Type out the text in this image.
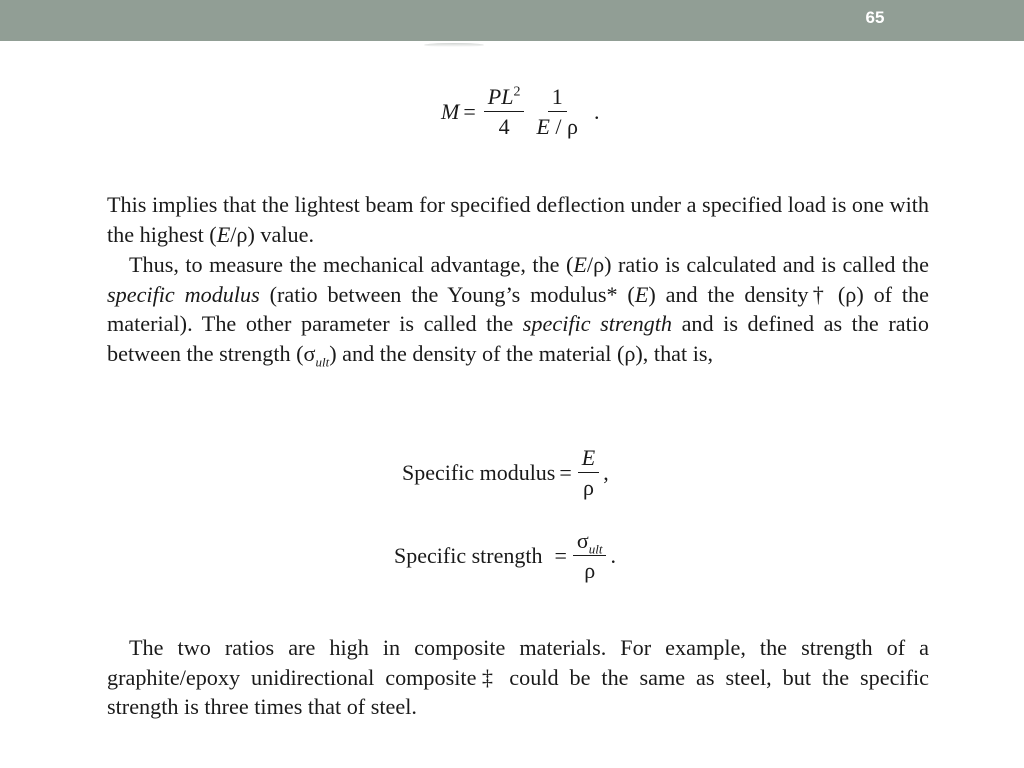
65
$M = \frac{PL^2}{4} \frac{1}{E / \rho}$ .

This implies that the lightest beam for specified deflection under a specified load is one with the highest (E/ρ) value.

Thus, to measure the mechanical advantage, the (E/ρ) ratio is calculated and is called the specific modulus (ratio between the Young’s modulus* (E) and the density† (ρ) of the material). The other parameter is called the specific strength and is defined as the ratio between the strength $(\sigma_{ult})$ and the density of the material (ρ), that is,

Specific modulus = $\frac{E}{\rho}$ ,
Specific strength = $\frac{\sigma_{ult}}{\rho}$ .

The two ratios are high in composite materials. For example, the strength of a graphite/epoxy unidirectional composite‡ could be the same as steel, but the specific strength is three times that of steel.
